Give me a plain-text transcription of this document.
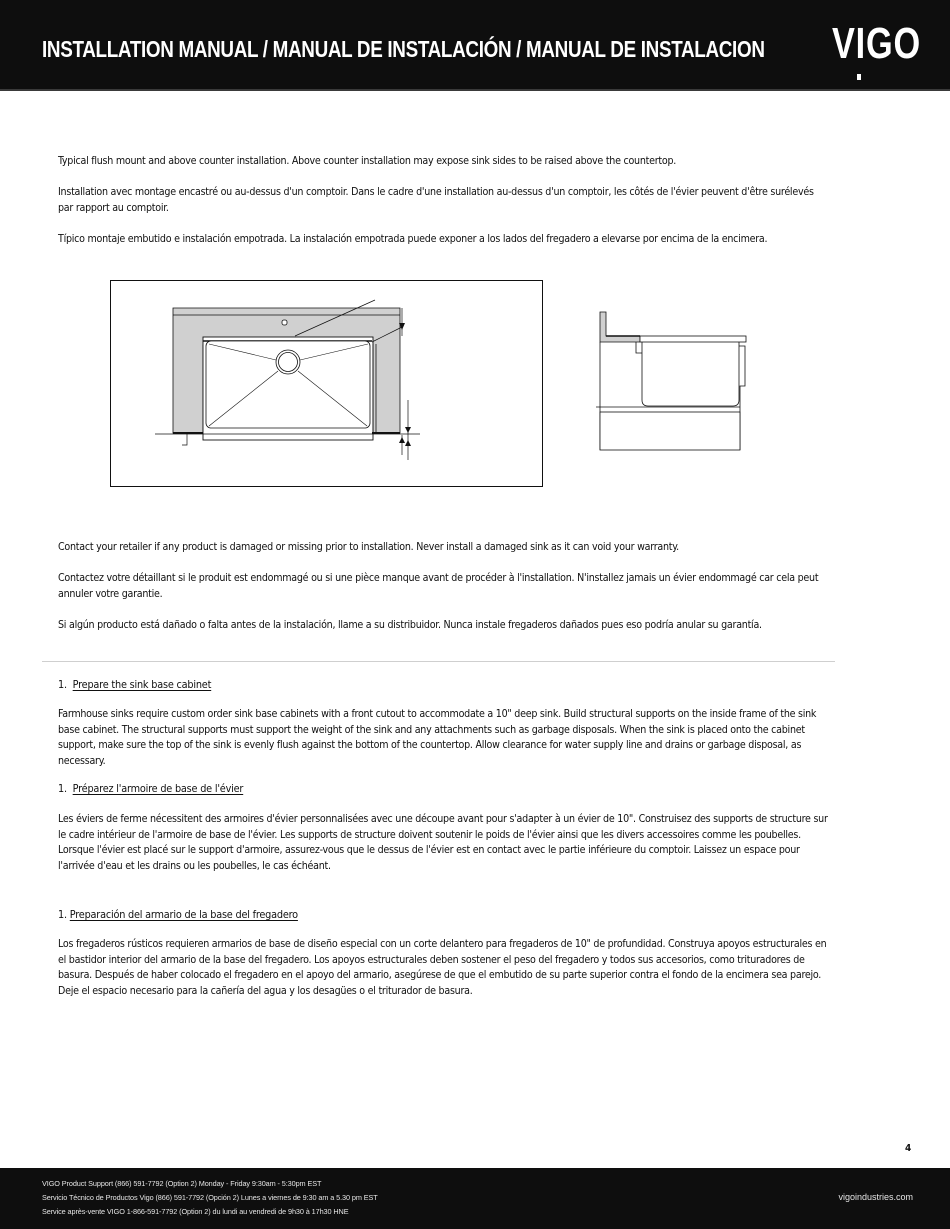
INSTALLATION MANUAL / MANUAL DE INSTALACIÓN / MANUAL DE INSTALACION VIGO

Typical flush mount and above counter installation. Above counter installation may expose sink sides to be raised above the countertop.

Installation avec montage encastré ou au-dessus d'un comptoir. Dans le cadre d'une installation au-dessus d'un comptoir, les côtés de l'évier peuvent d'être surélevés par rapport au comptoir.

Típico montaje embutido e instalación empotrada. La instalación empotrada puede exponer a los lados del fregadero a elevarse por encima de la encimera.

Contact your retailer if any product is damaged or missing prior to installation. Never install a damaged sink as it can void your warranty.

Contactez votre détaillant si le produit est endommagé ou si une pièce manque avant de procéder à l'installation. N'installez jamais un évier endommagé car cela peut annuler votre garantie.

Si algún producto está dañado o falta antes de la instalación, llame a su distribuidor. Nunca instale fregaderos dañados pues eso podría anular su garantía.

1. Prepare the sink base cabinet

Farmhouse sinks require custom order sink base cabinets with a front cutout to accommodate a 10" deep sink. Build structural supports on the inside frame of the sink base cabinet. The structural supports must support the weight of the sink and any attachments such as garbage disposals. When the sink is placed onto the cabinet support, make sure the top of the sink is evenly flush against the bottom of the countertop. Allow clearance for water supply line and drains or garbage disposal, as necessary.

1. Préparez l'armoire de base de l'évier

Les éviers de ferme nécessitent des armoires d'évier personnalisées avec une découpe avant pour s'adapter à un évier de 10". Construisez des supports de structure sur le cadre intérieur de l'armoire de base de l'évier. Les supports de structure doivent soutenir le poids de l'évier ainsi que les divers accessoires comme les poubelles. Lorsque l'évier est placé sur le support d'armoire, assurez-vous que le dessus de l'évier est en contact avec le partie inférieure du comptoir. Laissez un espace pour l'arrivée d'eau et les drains ou les poubelles, le cas échéant.

1. Preparación del armario de la base del fregadero

Los fregaderos rústicos requieren armarios de base de diseño especial con un corte delantero para fregaderos de 10" de profundidad. Construya apoyos estructurales en el bastidor interior del armario de la base del fregadero. Los apoyos estructurales deben sostener el peso del fregadero y todos sus accesorios, como trituradores de basura. Después de haber colocado el fregadero en el apoyo del armario, asegúrese de que el embutido de su parte superior contra el fondo de la encimera sea parejo. Deje el espacio necesario para la cañería del agua y los desagües o el triturador de basura.

4
VIGO Product Support (866) 591-7792 (Option 2) Monday - Friday 9:30am - 5:30pm EST
Servicio Técnico de Productos Vigo (866) 591-7792 (Opción 2) Lunes a viernes de 9:30 am a 5.30 pm EST
Service après-vente VIGO 1-866-591-7792 (Option 2) du lundi au vendredi de 9h30 à 17h30 HNE
vigoindustries.com
